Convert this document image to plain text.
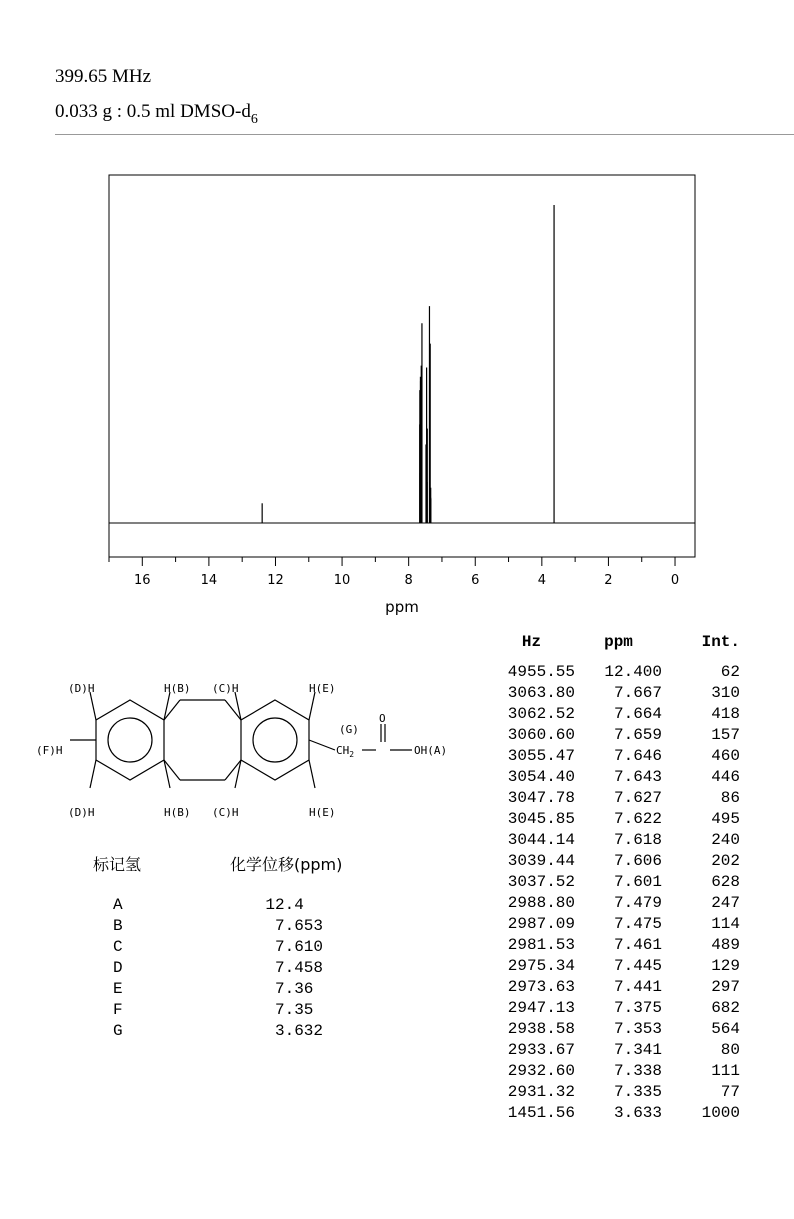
399.65 MHz
0.033 g : 0.5 ml DMSO-$d_6$
16	14	12	10	8	6	4	2	0
ppm
Hz	ppm	Int.
4955.55	12.400	62
3063.80	7.667	310
3062.52	7.664	418
3060.60	7.659	157
3055.47	7.646	460
3054.40	7.643	446
3047.78	7.627	86
3045.85	7.622	495
3044.14	7.618	240
3039.44	7.606	202
3037.52	7.601	628
2988.80	7.479	247
2987.09	7.475	114
2981.53	7.461	489
2975.34	7.445	129
2973.63	7.441	297
2947.13	7.375	682
2938.58	7.353	564
2933.67	7.341	80
2932.60	7.338	111
2931.32	7.335	77
1451.56	3.633	1000
(D)H	H(B) (C)H	H(E)
(F)H
(G)
$CH_2$
O
OH(A)
(D)H	H(B) (C)H	H(E)
标记氢	化学位移(ppm)
A	12.4
B	7.653
C	7.610
D	7.458
E	7.36
F	7.35
G	3.632
